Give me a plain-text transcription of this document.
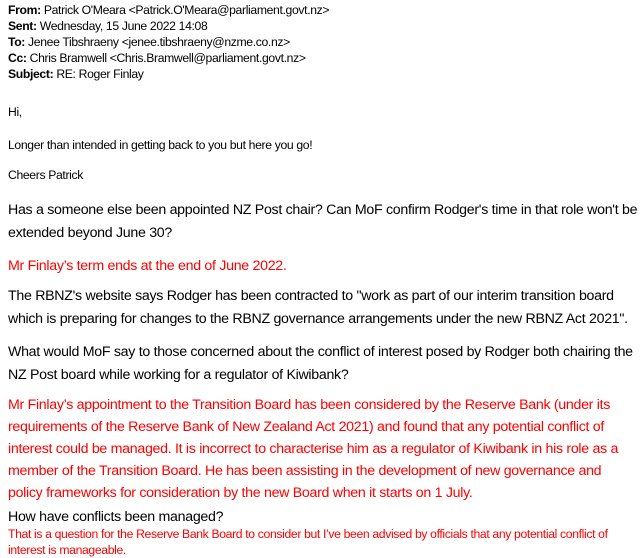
From: Patrick O'Meara <Patrick.O'Meara@parliament.govt.nz>
Sent: Wednesday, 15 June 2022 14:08
To: Jenee Tibshraeny <jenee.tibshraeny@nzme.co.nz>
Cc: Chris Bramwell <Chris.Bramwell@parliament.govt.nz>
Subject: RE: Roger Finlay

Hi,

Longer than intended in getting back to you but here you go!

Cheers Patrick

Has a someone else been appointed NZ Post chair? Can MoF confirm Rodger's time in that role won't be extended beyond June 30?

Mr Finlay’s term ends at the end of June 2022.

The RBNZ's website says Rodger has been contracted to "work as part of our interim transition board which is preparing for changes to the RBNZ governance arrangements under the new RBNZ Act 2021".

What would MoF say to those concerned about the conflict of interest posed by Rodger both chairing the NZ Post board while working for a regulator of Kiwibank?

Mr Finlay’s appointment to the Transition Board has been considered by the Reserve Bank (under its requirements of the Reserve Bank of New Zealand Act 2021) and found that any potential conflict of interest could be managed. It is incorrect to characterise him as a regulator of Kiwibank in his role as a member of the Transition Board. He has been assisting in the development of new governance and policy frameworks for consideration by the new Board when it starts on 1 July.

How have conflicts been managed?

That is a question for the Reserve Bank Board to consider but I’ve been advised by officials that any potential conflict of interest is manageable.
